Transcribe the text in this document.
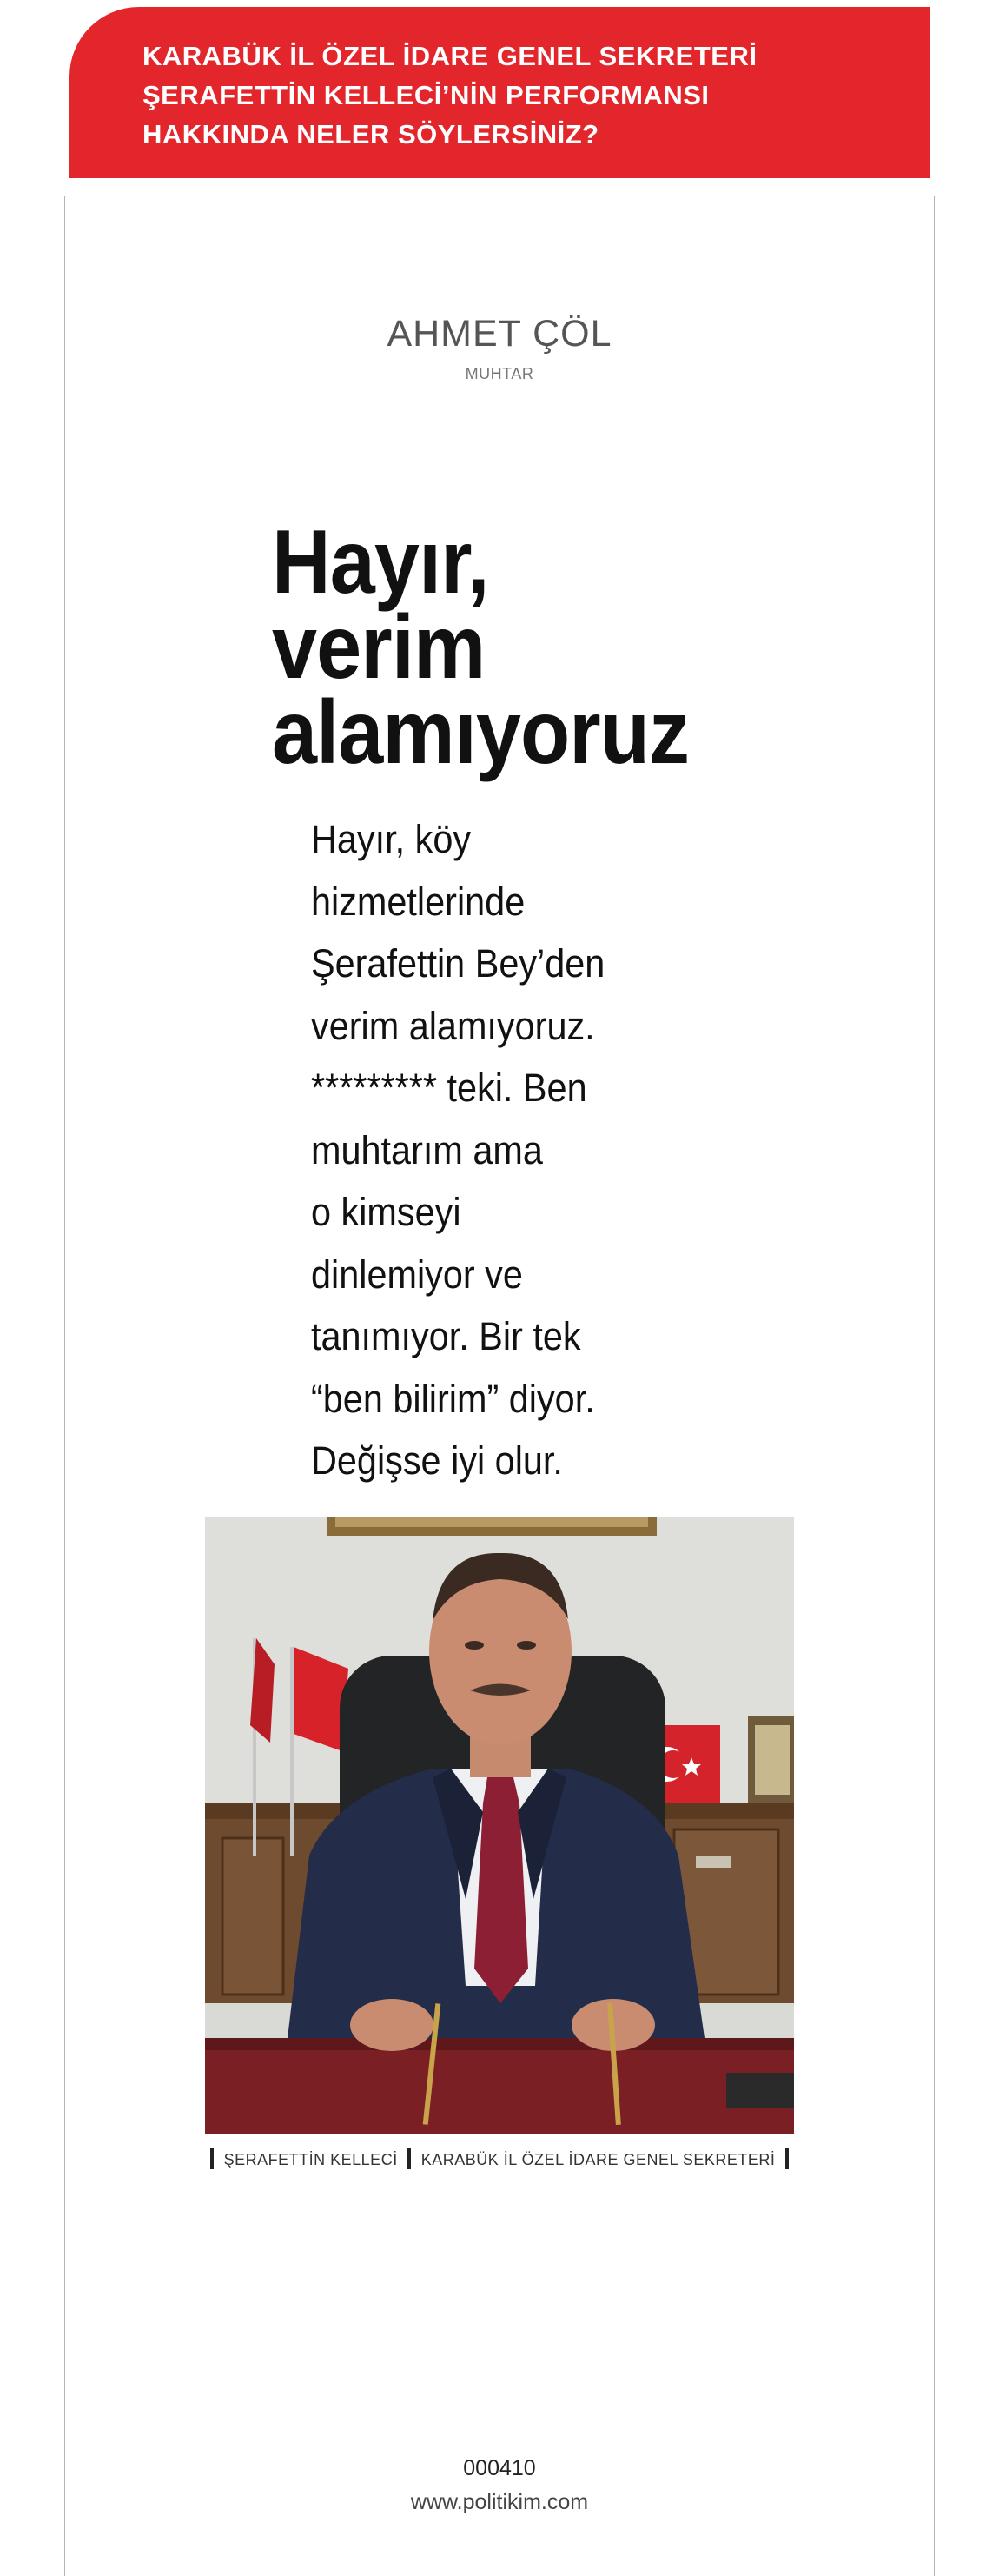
KARABÜK İL ÖZEL İDARE GENEL SEKRETERİ
ŞERAFETTİN KELLECİ’NİN PERFORMANSI
HAKKINDA NELER SÖYLERSİNİZ?
AHMET ÇÖL
MUHTAR
Hayır,
verim
alamıyoruz
Hayır, köy
hizmetlerinde
Şerafettin Bey’den
verim alamıyoruz.
********* teki. Ben
muhtarım ama
o kimseyi
dinlemiyor ve
tanımıyor. Bir tek
“ben bilirim” diyor.
Değişse iyi olur.
ŞERAFETTİN KELLECİ KARABÜK İL ÖZEL İDARE GENEL SEKRETERİ
000410
www.politikim.com
